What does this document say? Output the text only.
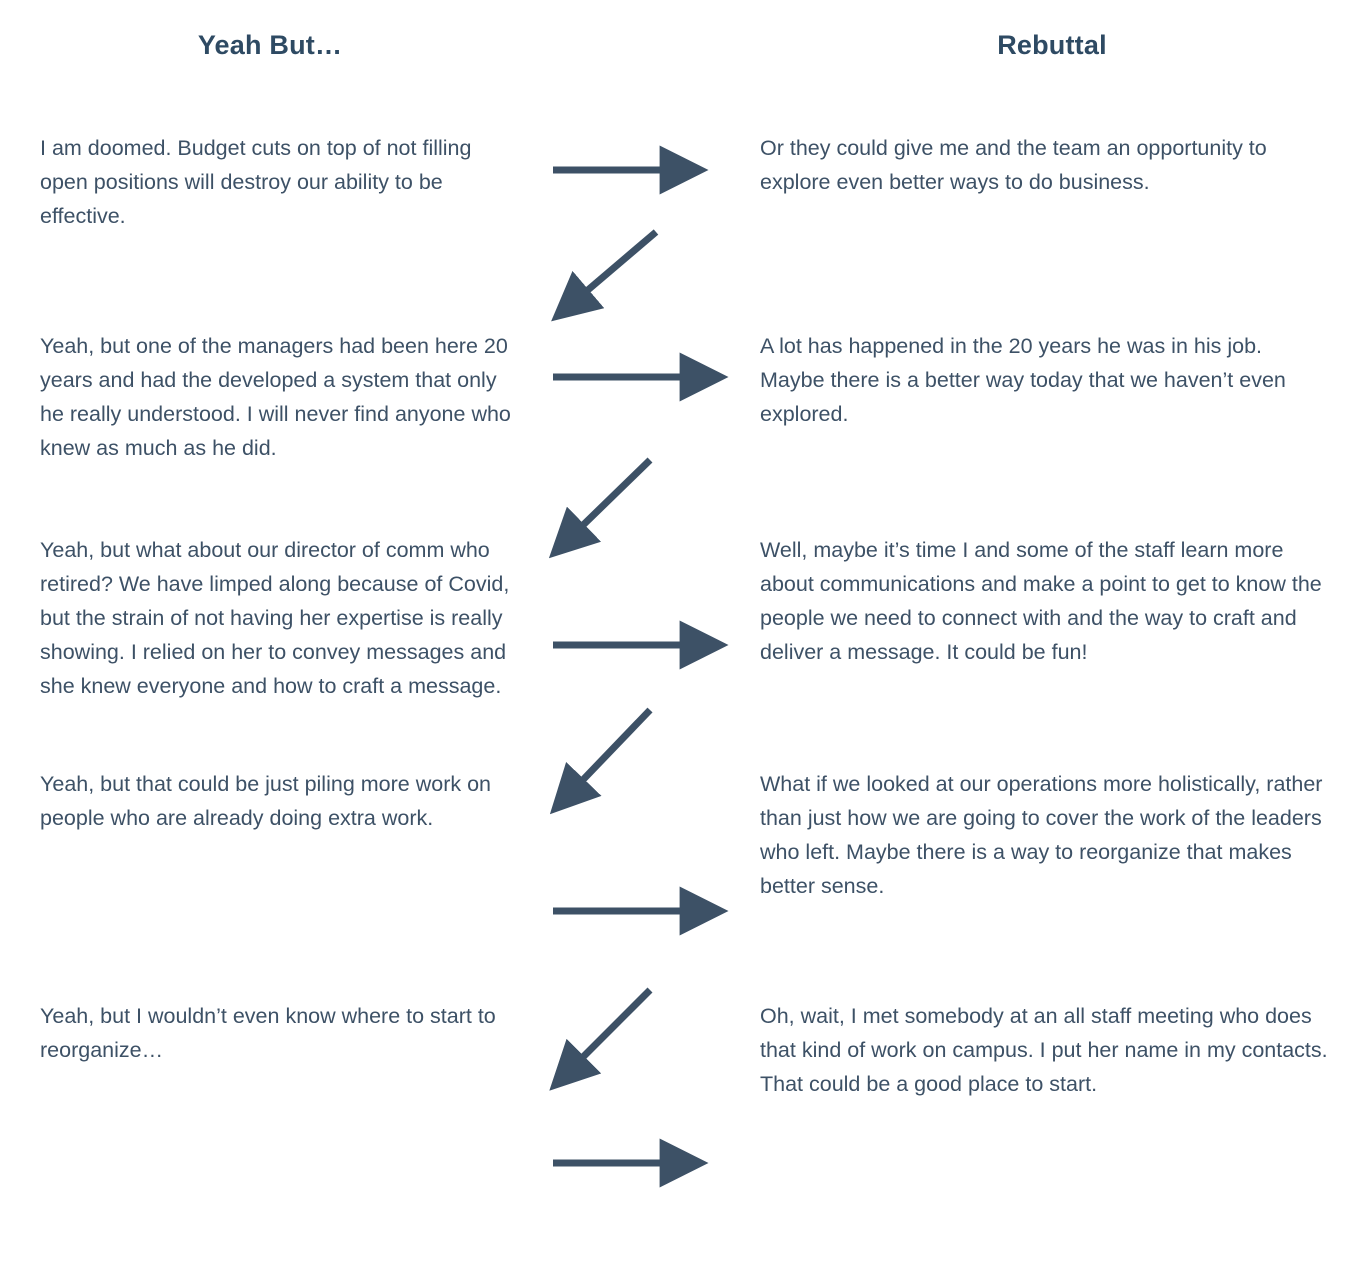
Yeah But…	Rebuttal
I am doomed. Budget cuts on top of not filling open positions will destroy our ability to be effective.
Or they could give me and the team an opportunity to explore even better ways to do business.
Yeah, but one of the managers had been here 20 years and had the developed a system that only he really understood. I will never find anyone who knew as much as he did.
A lot has happened in the 20 years he was in his job. Maybe there is a better way today that we haven’t even explored.
Yeah, but what about our director of comm who retired? We have limped along because of Covid, but the strain of not having her expertise is really showing. I relied on her to convey messages and she knew everyone and how to craft a message.
Well, maybe it’s time I and some of the staff learn more about communications and make a point to get to know the people we need to connect with and the way to craft and deliver a message. It could be fun!
Yeah, but that could be just piling more work on people who are already doing extra work.
What if we looked at our operations more holistically, rather than just how we are going to cover the work of the leaders who left. Maybe there is a way to reorganize that makes better sense.
Yeah, but I wouldn’t even know where to start to reorganize…
Oh, wait, I met somebody at an all staff meeting who does that kind of work on campus. I put her name in my contacts. That could be a good place to start.
